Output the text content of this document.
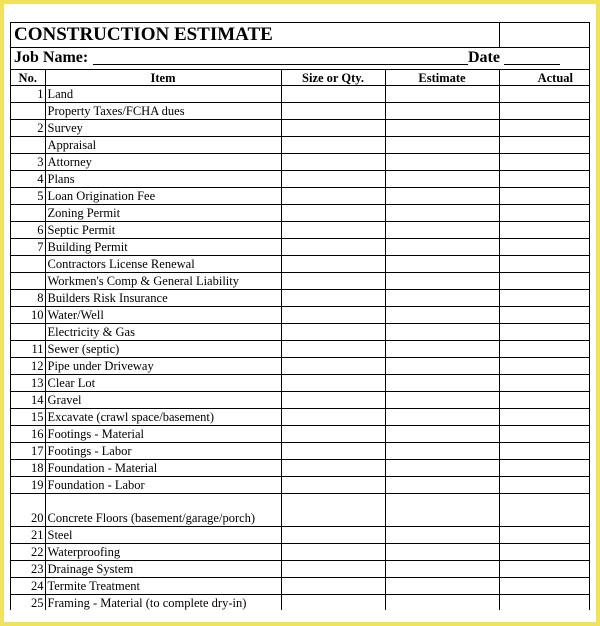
CONSTRUCTION ESTIMATE
Job Name:	Date
No.	Item	Size or Qty.	Estimate	Actual
1	Land			
	Property Taxes/FCHA dues			
2	Survey			
	Appraisal			
3	Attorney			
4	Plans			
5	Loan Origination Fee			
	Zoning Permit			
6	Septic Permit			
7	Building Permit			
	Contractors License Renewal			
	Workmen's Comp & General Liability			
8	Builders Risk Insurance			
10	Water/Well			
	Electricity & Gas			
11	Sewer (septic)			
12	Pipe under Driveway			
13	Clear Lot			
14	Gravel			
15	Excavate (crawl space/basement)			
16	Footings - Material			
17	Footings - Labor			
18	Foundation - Material			
19	Foundation - Labor			
20	Concrete Floors (basement/garage/porch)			
21	Steel			
22	Waterproofing			
23	Drainage System			
24	Termite Treatment			
25	Framing - Material (to complete dry-in)			
